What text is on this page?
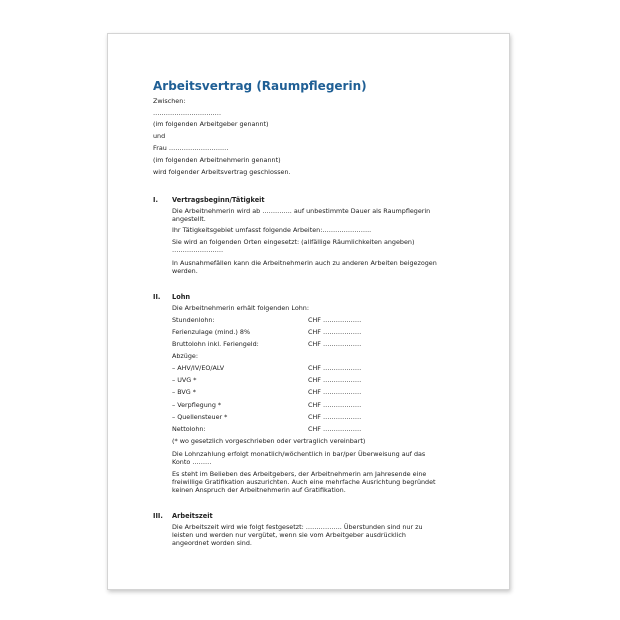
Arbeitsvertrag (Raumpflegerin)
Zwischen:
……………………….….
(im folgenden Arbeitgeber genannt)
und
Frau …………………….…
(im folgenden Arbeitnehmerin genannt)
wird folgender Arbeitsvertrag geschlossen.
I. Vertragsbeginn/Tätigkeit
Die Arbeitnehmerin wird ab ………….. auf unbestimmte Dauer als Raumpflegerin
angestellt.
Ihr Tätigkeitsgebiet umfasst folgende Arbeiten:…………………..
Sie wird an folgenden Orten eingesetzt: (allfällige Räumlichkeiten angeben)
……………………
In Ausnahmefällen kann die Arbeitnehmerin auch zu anderen Arbeiten beigezogen
werden.
II. Lohn
Die Arbeitnehmerin erhält folgenden Lohn:
Stundenlohn:	CHF ………………
Ferienzulage (mind.) 8%	CHF ………………
Bruttolohn inkl. Feriengeld:	CHF ………………
Abzüge:
– AHV/IV/EO/ALV	CHF ………………
– UVG *	CHF ………………
– BVG *	CHF ………………
– Verpflegung *	CHF ………………
– Quellensteuer *	CHF ………………
Nettolohn:	CHF ………………
(* wo gesetzlich vorgeschrieben oder vertraglich vereinbart)
Die Lohnzahlung erfolgt monatlich/wöchentlich in bar/per Überweisung auf das
Konto ………
Es steht im Belieben des Arbeitgebers, der Arbeitnehmerin am Jahresende eine
freiwillige Gratifikation auszurichten. Auch eine mehrfache Ausrichtung begründet
keinen Anspruch der Arbeitnehmerin auf Gratifikation.
III. Arbeitszeit
Die Arbeitszeit wird wie folgt festgesetzt: …………….. Überstunden sind nur zu
leisten und werden nur vergütet, wenn sie vom Arbeitgeber ausdrücklich
angeordnet worden sind.
